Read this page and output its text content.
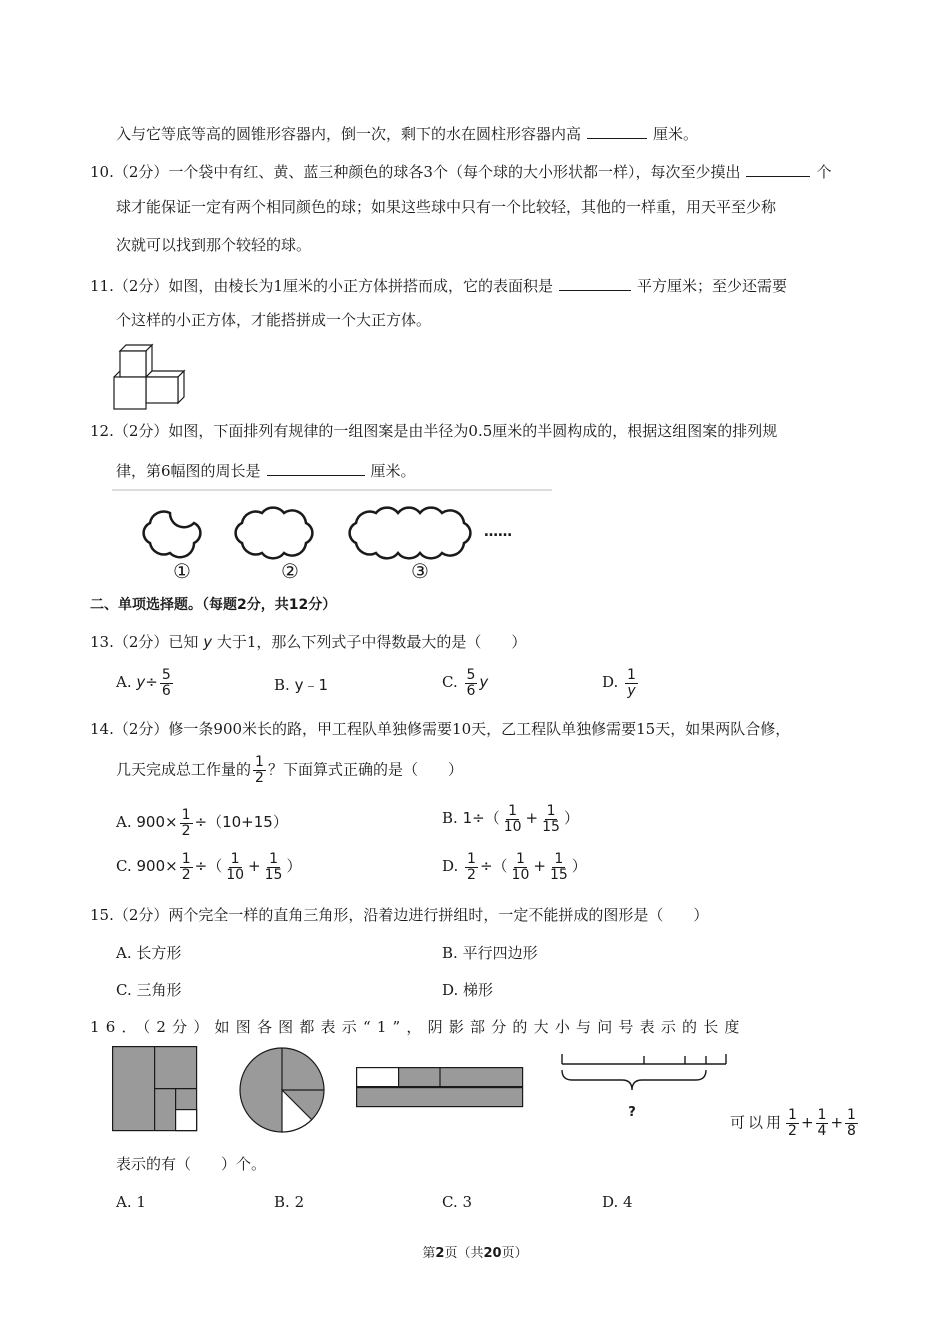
入与它等底等高的圆锥形容器内，倒一次，剩下的水在圆柱形容器内高	厘米。
10.（2分）一个袋中有红、黄、蓝三种颜色的球各3个（每个球的大小形状都一样），每次至少摸出	个
球才能保证一定有两个相同颜色的球；如果这些球中只有一个比较轻，其他的一样重，用天平至少称
次就可以找到那个较轻的球。
11.（2分）如图，由棱长为1厘米的小正方体拼搭而成，它的表面积是	平方厘米；至少还需要
个这样的小正方体，才能搭拼成一个大正方体。
12.（2分）如图，下面排列有规律的一组图案是由半径为0.5厘米的半圆构成的，根据这组图案的排列规
律，第6幅图的周长是	厘米。
……
①	②	③
二、单项选择题。（每题2分，共12分）
13.（2分）已知 y 大于1，那么下列式子中得数最大的是（　　）
A. $y\div \frac{5}{6}$	B. y﹣1	C. $\frac{5}{6}$ y	D. $\frac{1}{y}$
14.（2分）修一条900米长的路，甲工程队单独修需要10天，乙工程队单独修需要15天，如果两队合修，
几天完成总工作量的 $\frac{1}{2}$ ？下面算式正确的是（　　）
A. $900\times \frac{1}{2} \div(10+15)$	B. $1\div( \frac{1}{10} + \frac{1}{15}$ ）
C. $900\times \frac{1}{2}$ ÷（ $\frac{1}{10} + \frac{1}{15}$ ）	D. $\frac{1}{2}$ ÷（ $\frac{1}{10} + \frac{1}{15}$ ）
15.（2分）两个完全一样的直角三角形，沿着边进行拼组时，一定不能拼成的图形是（　　）
A. 长方形	B. 平行四边形
C. 三角形	D. 梯形
16．（2分）如图各图都表示“1”，阴影部分的大小与问号表示的长度
?
可以用 $\frac{1}{2} + \frac{1}{4} + \frac{1}{8}$
表示的有（　　）个。
A. 1	B. 2	C. 3	D. 4
第2页（共20页）
